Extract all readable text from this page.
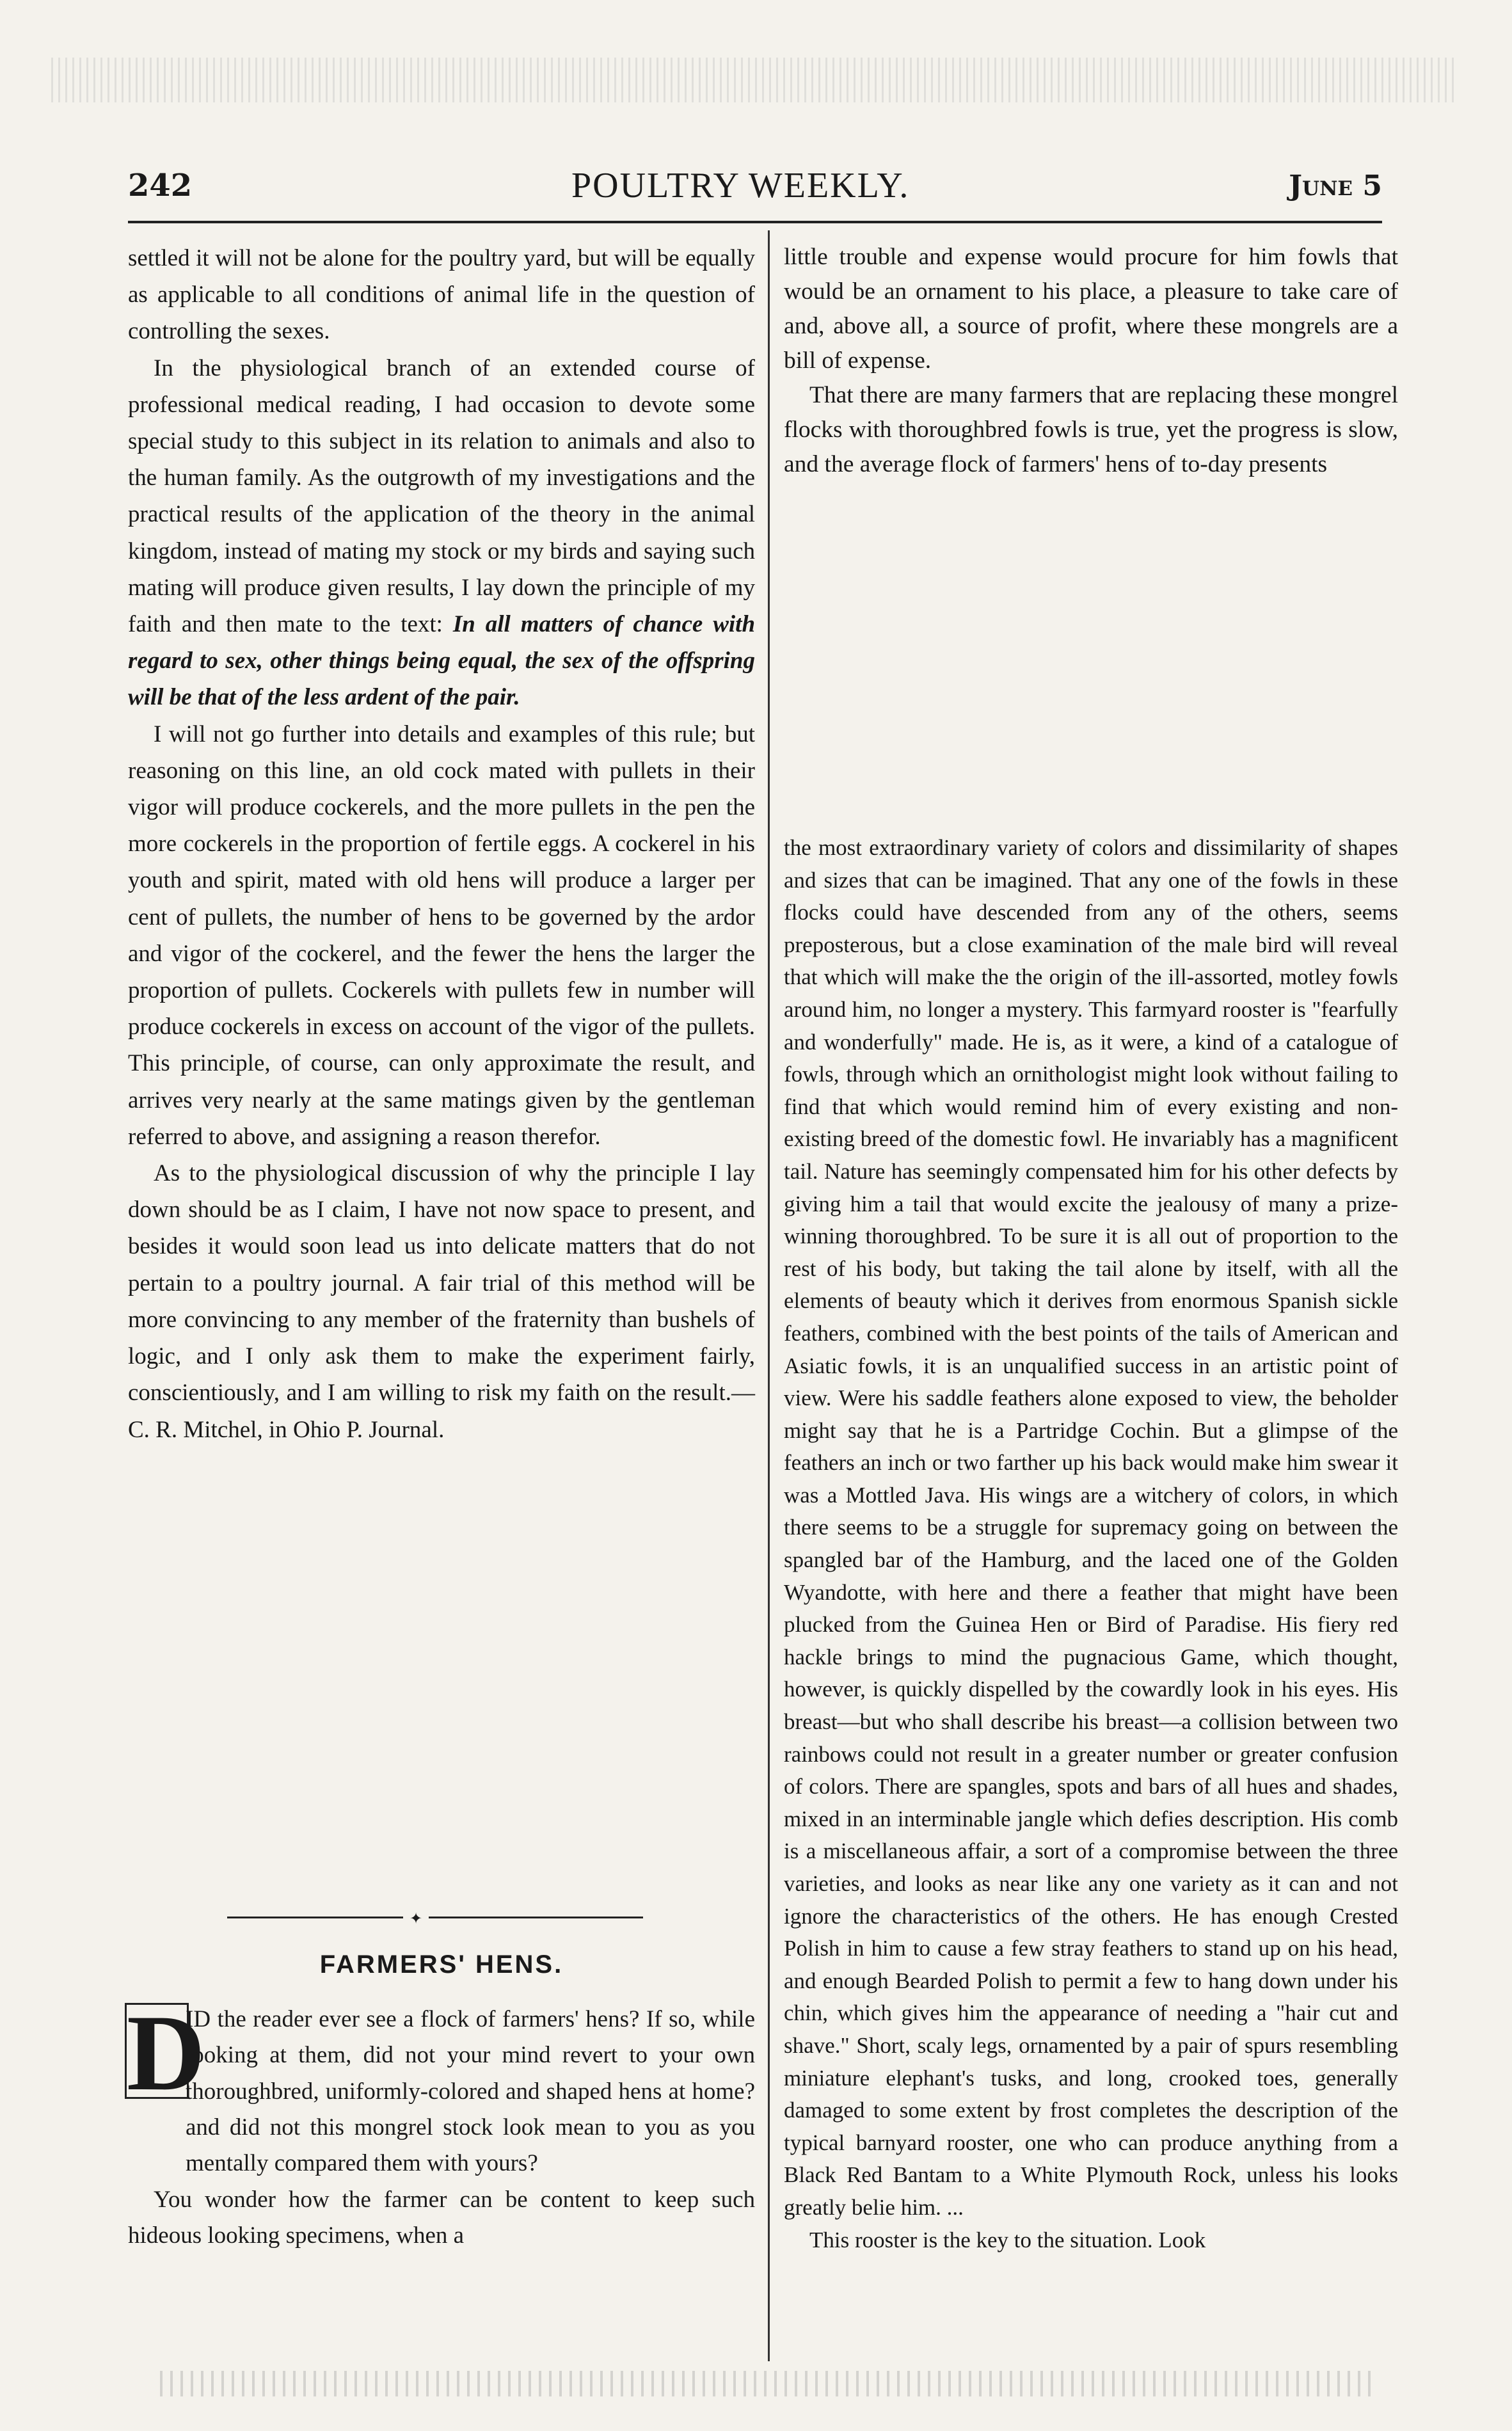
242	POULTRY WEEKLY.	June 5

settled it will not be alone for the poultry yard, but will be equally as applicable to all conditions of animal life in the question of controlling the sexes.

In the physiological branch of an extended course of professional medical reading, I had occasion to devote some special study to this subject in its relation to animals and also to the human family. As the outgrowth of my investigations and the practical results of the application of the theory in the animal kingdom, instead of mating my stock or my birds and saying such mating will produce given results, I lay down the principle of my faith and then mate to the text: In all matters of chance with regard to sex, other things being equal, the sex of the offspring will be that of the less ardent of the pair.

I will not go further into details and examples of this rule; but reasoning on this line, an old cock mated with pullets in their vigor will produce cockerels, and the more pullets in the pen the more cockerels in the proportion of fertile eggs. A cockerel in his youth and spirit, mated with old hens will produce a larger per cent of pullets, the number of hens to be governed by the ardor and vigor of the cockerel, and the fewer the hens the larger the proportion of pullets. Cockerels with pullets few in number will produce cockerels in excess on account of the vigor of the pullets. This principle, of course, can only approximate the result, and arrives very nearly at the same matings given by the gentleman referred to above, and assigning a reason therefor.

As to the physiological discussion of why the principle I lay down should be as I claim, I have not now space to present, and besides it would soon lead us into delicate matters that do not pertain to a poultry journal. A fair trial of this method will be more convincing to any member of the fraternity than bushels of logic, and I only ask them to make the experiment fairly, conscientiously, and I am willing to risk my faith on the result.—C. R. Mitchel, in Ohio P. Journal.

✦
FARMERS' HENS.
D

ID the reader ever see a flock of farmers' hens? If so, while looking at them, did not your mind revert to your own thoroughbred, uniformly-colored and shaped hens at home? and did not this mongrel stock look mean to you as you mentally compared them with yours?

You wonder how the farmer can be content to keep such hideous looking specimens, when a

little trouble and expense would procure for him fowls that would be an ornament to his place, a pleasure to take care of and, above all, a source of profit, where these mongrels are a bill of expense.

That there are many farmers that are replacing these mongrel flocks with thoroughbred fowls is true, yet the progress is slow, and the average flock of farmers' hens of to-day presents

the most extraordinary variety of colors and dissimilarity of shapes and sizes that can be imagined. That any one of the fowls in these flocks could have descended from any of the others, seems preposterous, but a close examination of the male bird will reveal that which will make the the origin of the ill-assorted, motley fowls around him, no longer a mystery. This farmyard rooster is "fearfully and wonderfully" made. He is, as it were, a kind of a catalogue of fowls, through which an ornithologist might look without failing to find that which would remind him of every existing and non-existing breed of the domestic fowl. He invariably has a magnificent tail. Nature has seemingly compensated him for his other defects by giving him a tail that would excite the jealousy of many a prize-winning thoroughbred. To be sure it is all out of proportion to the rest of his body, but taking the tail alone by itself, with all the elements of beauty which it derives from enormous Spanish sickle feathers, combined with the best points of the tails of American and Asiatic fowls, it is an unqualified success in an artistic point of view. Were his saddle feathers alone exposed to view, the beholder might say that he is a Partridge Cochin. But a glimpse of the feathers an inch or two farther up his back would make him swear it was a Mottled Java. His wings are a witchery of colors, in which there seems to be a struggle for supremacy going on between the spangled bar of the Hamburg, and the laced one of the Golden Wyandotte, with here and there a feather that might have been plucked from the Guinea Hen or Bird of Paradise. His fiery red hackle brings to mind the pugnacious Game, which thought, however, is quickly dispelled by the cowardly look in his eyes. His breast—but who shall describe his breast—a collision between two rainbows could not result in a greater number or greater confusion of colors. There are spangles, spots and bars of all hues and shades, mixed in an interminable jangle which defies description. His comb is a miscellaneous affair, a sort of a compromise between the three varieties, and looks as near like any one variety as it can and not ignore the characteristics of the others. He has enough Crested Polish in him to cause a few stray feathers to stand up on his head, and enough Bearded Polish to permit a few to hang down under his chin, which gives him the appearance of needing a "hair cut and shave." Short, scaly legs, ornamented by a pair of spurs resembling miniature elephant's tusks, and long, crooked toes, generally damaged to some extent by frost completes the description of the typical barnyard rooster, one who can produce anything from a Black Red Bantam to a White Plymouth Rock, unless his looks greatly belie him. ...

This rooster is the key to the situation. Look
